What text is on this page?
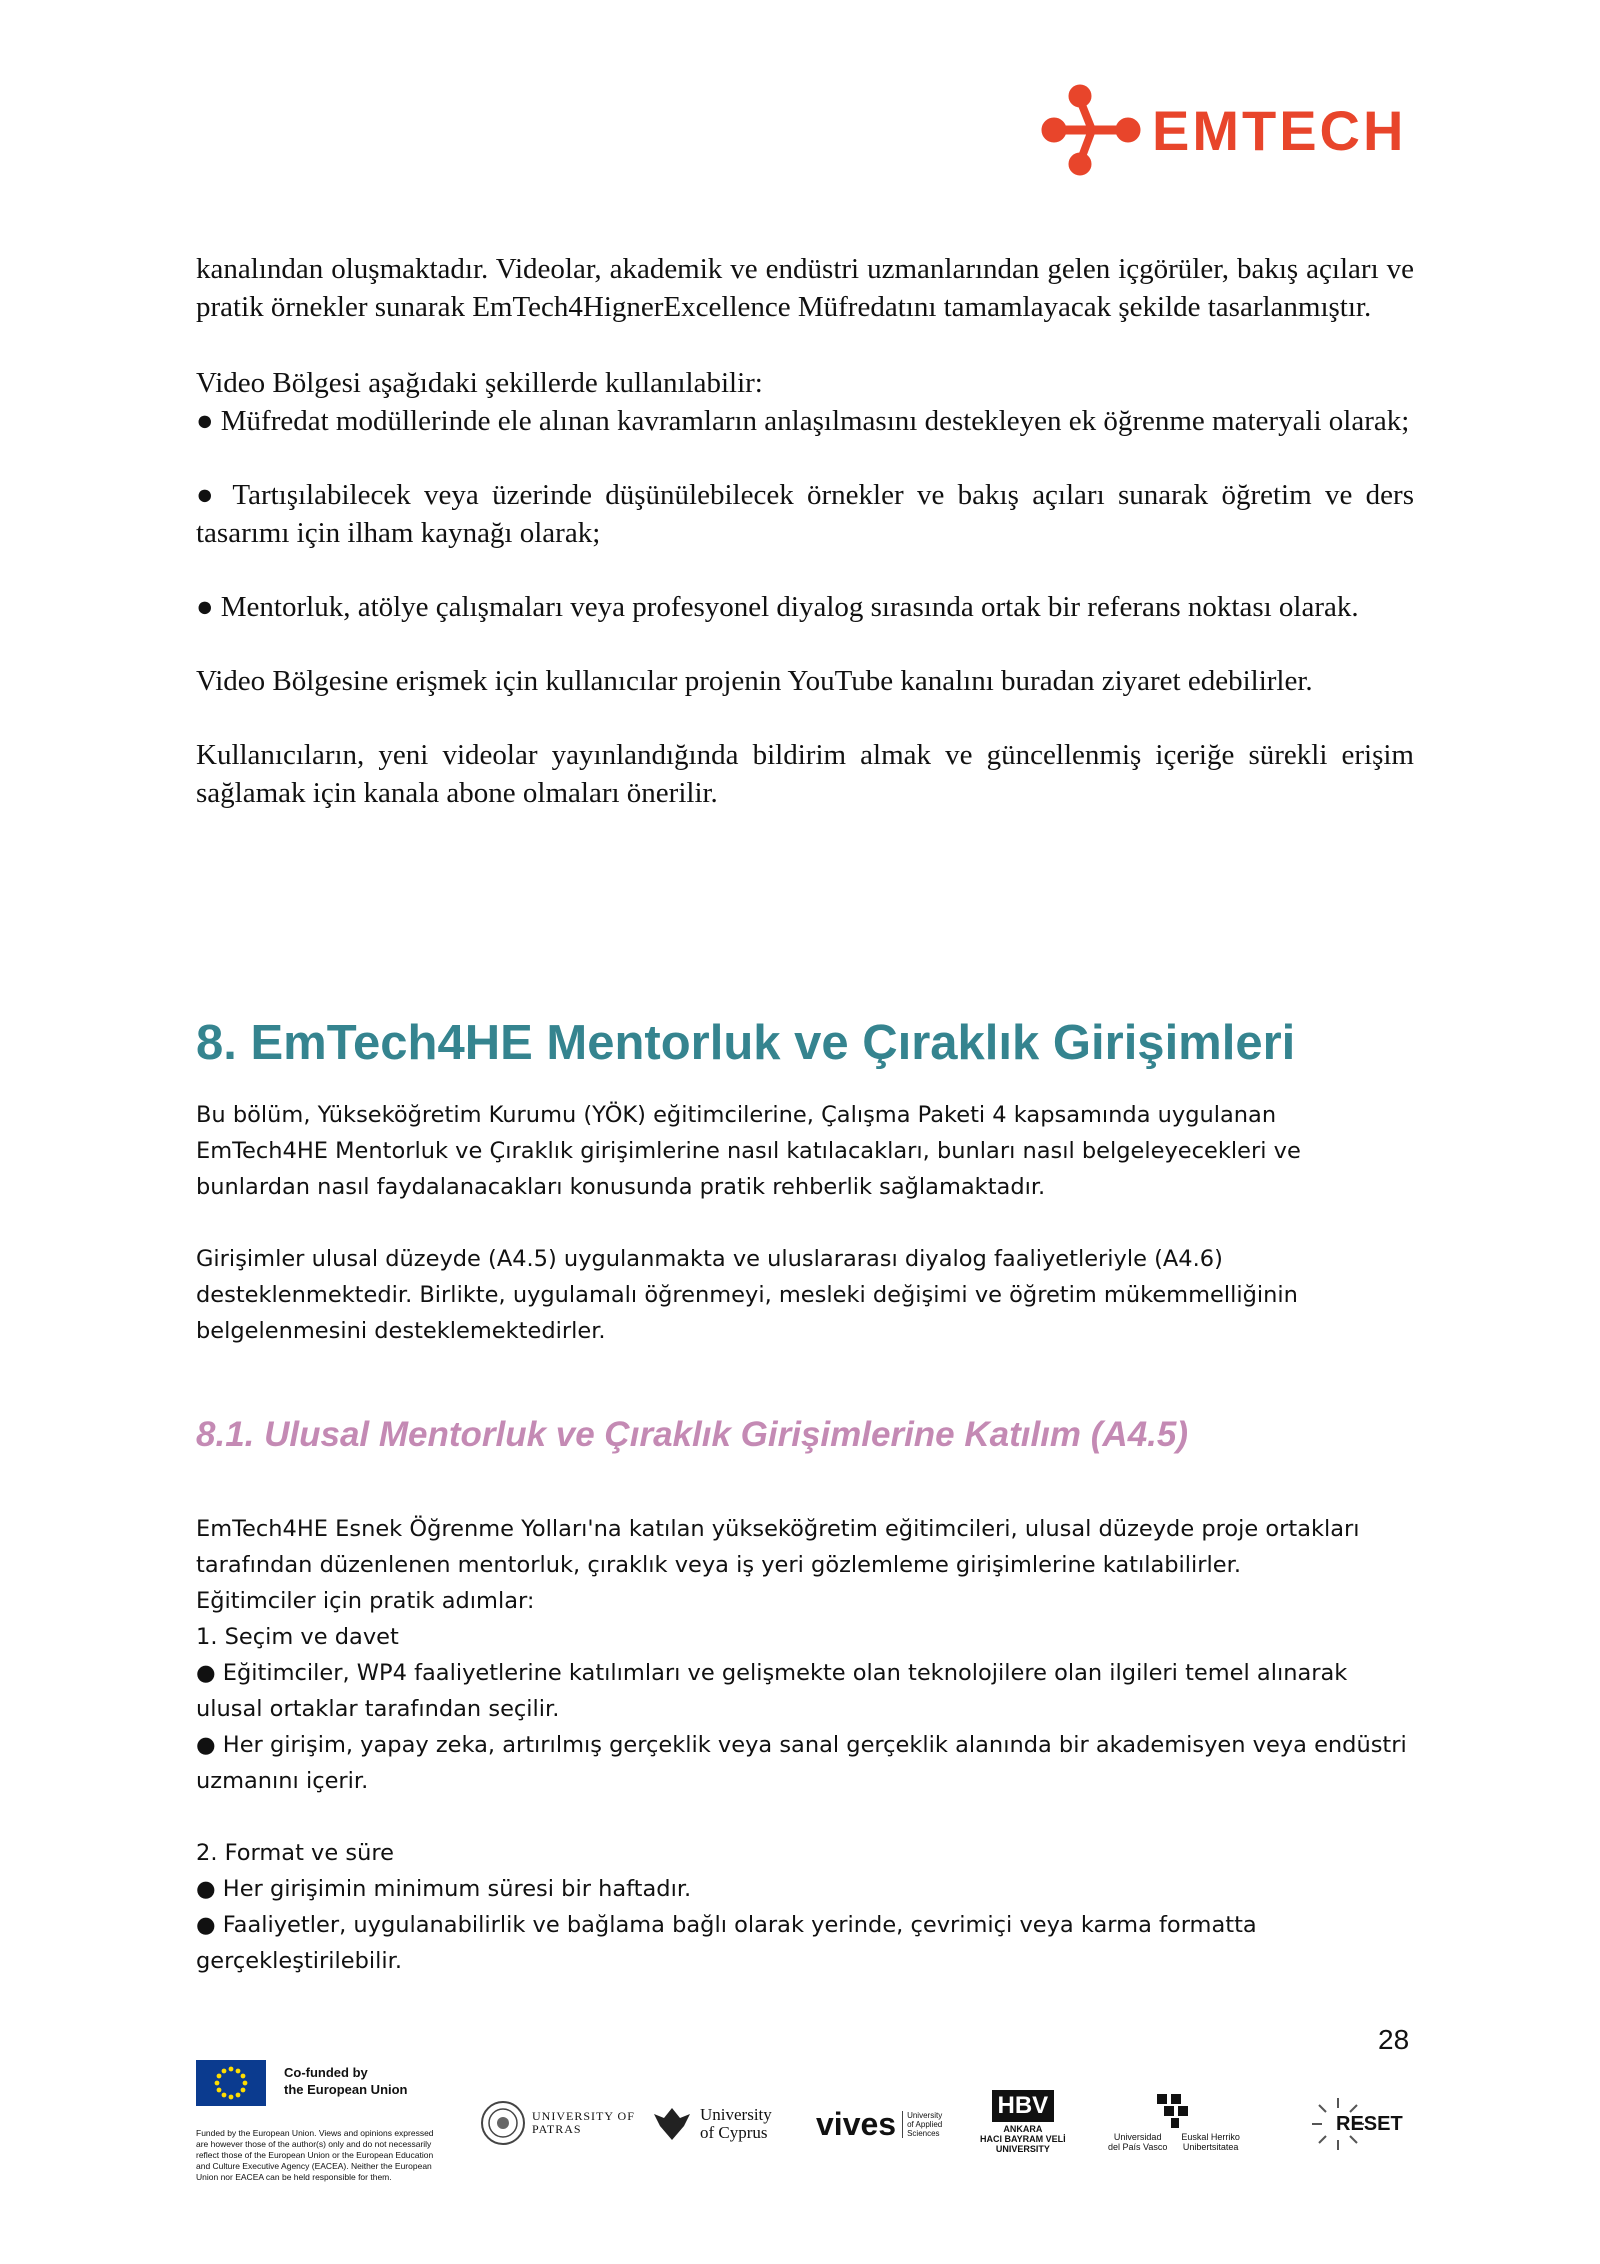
EMTECH

kanalından oluşmaktadır. Videolar, akademik ve endüstri uzmanlarından gelen içgörüler, bakış açıları ve pratik örnekler sunarak EmTech4HignerExcellence Müfredatını tamamlayacak şekilde tasarlanmıştır.

Video Bölgesi aşağıdaki şekillerde kullanılabilir:

● Müfredat modüllerinde ele alınan kavramların anlaşılmasını destekleyen ek öğrenme materyali olarak;

● Tartışılabilecek veya üzerinde düşünülebilecek örnekler ve bakış açıları sunarak öğretim ve ders tasarımı için ilham kaynağı olarak;

● Mentorluk, atölye çalışmaları veya profesyonel diyalog sırasında ortak bir referans noktası olarak.

Video Bölgesine erişmek için kullanıcılar projenin YouTube kanalını buradan ziyaret edebilirler.

Kullanıcıların, yeni videolar yayınlandığında bildirim almak ve güncellenmiş içeriğe sürekli erişim sağlamak için kanala abone olmaları önerilir.

8. EmTech4HE Mentorluk ve Çıraklık Girişimleri

Bu bölüm, Yükseköğretim Kurumu (YÖK) eğitimcilerine, Çalışma Paketi 4 kapsamında uygulanan EmTech4HE Mentorluk ve Çıraklık girişimlerine nasıl katılacakları, bunları nasıl belgeleyecekleri ve bunlardan nasıl faydalanacakları konusunda pratik rehberlik sağlamaktadır.

Girişimler ulusal düzeyde (A4.5) uygulanmakta ve uluslararası diyalog faaliyetleriyle (A4.6) desteklenmektedir. Birlikte, uygulamalı öğrenmeyi, mesleki değişimi ve öğretim mükemmelliğinin belgelenmesini desteklemektedirler.

8.1. Ulusal Mentorluk ve Çıraklık Girişimlerine Katılım (A4.5)

EmTech4HE Esnek Öğrenme Yolları'na katılan yükseköğretim eğitimcileri, ulusal düzeyde proje ortakları tarafından düzenlenen mentorluk, çıraklık veya iş yeri gözlemleme girişimlerine katılabilirler.

Eğitimciler için pratik adımlar:

1. Seçim ve davet

● Eğitimciler, WP4 faaliyetlerine katılımları ve gelişmekte olan teknolojilere olan ilgileri temel alınarak ulusal ortaklar tarafından seçilir.

● Her girişim, yapay zeka, artırılmış gerçeklik veya sanal gerçeklik alanında bir akademisyen veya endüstri uzmanını içerir.

2. Format ve süre

● Her girişimin minimum süresi bir haftadır.

● Faaliyetler, uygulanabilirlik ve bağlama bağlı olarak yerinde, çevrimiçi veya karma formatta gerçekleştirilebilir.

28
Co-funded by
the European Union
Funded by the European Union. Views and opinions expressed are however those of the author(s) only and do not necessarily reflect those of the European Union or the European Education and Culture Executive Agency (EACEA). Neither the European Union nor EACEA can be held responsible for them.
UNIVERSITY OF
PATRAS
University
of Cyprus vives	University
of Applied
Sciences
HBV
ANKARA
HACI BAYRAM VELİ
UNIVERSITY
Universidad
del País Vasco
Euskal Herriko
Unibertsitatea
RESET
